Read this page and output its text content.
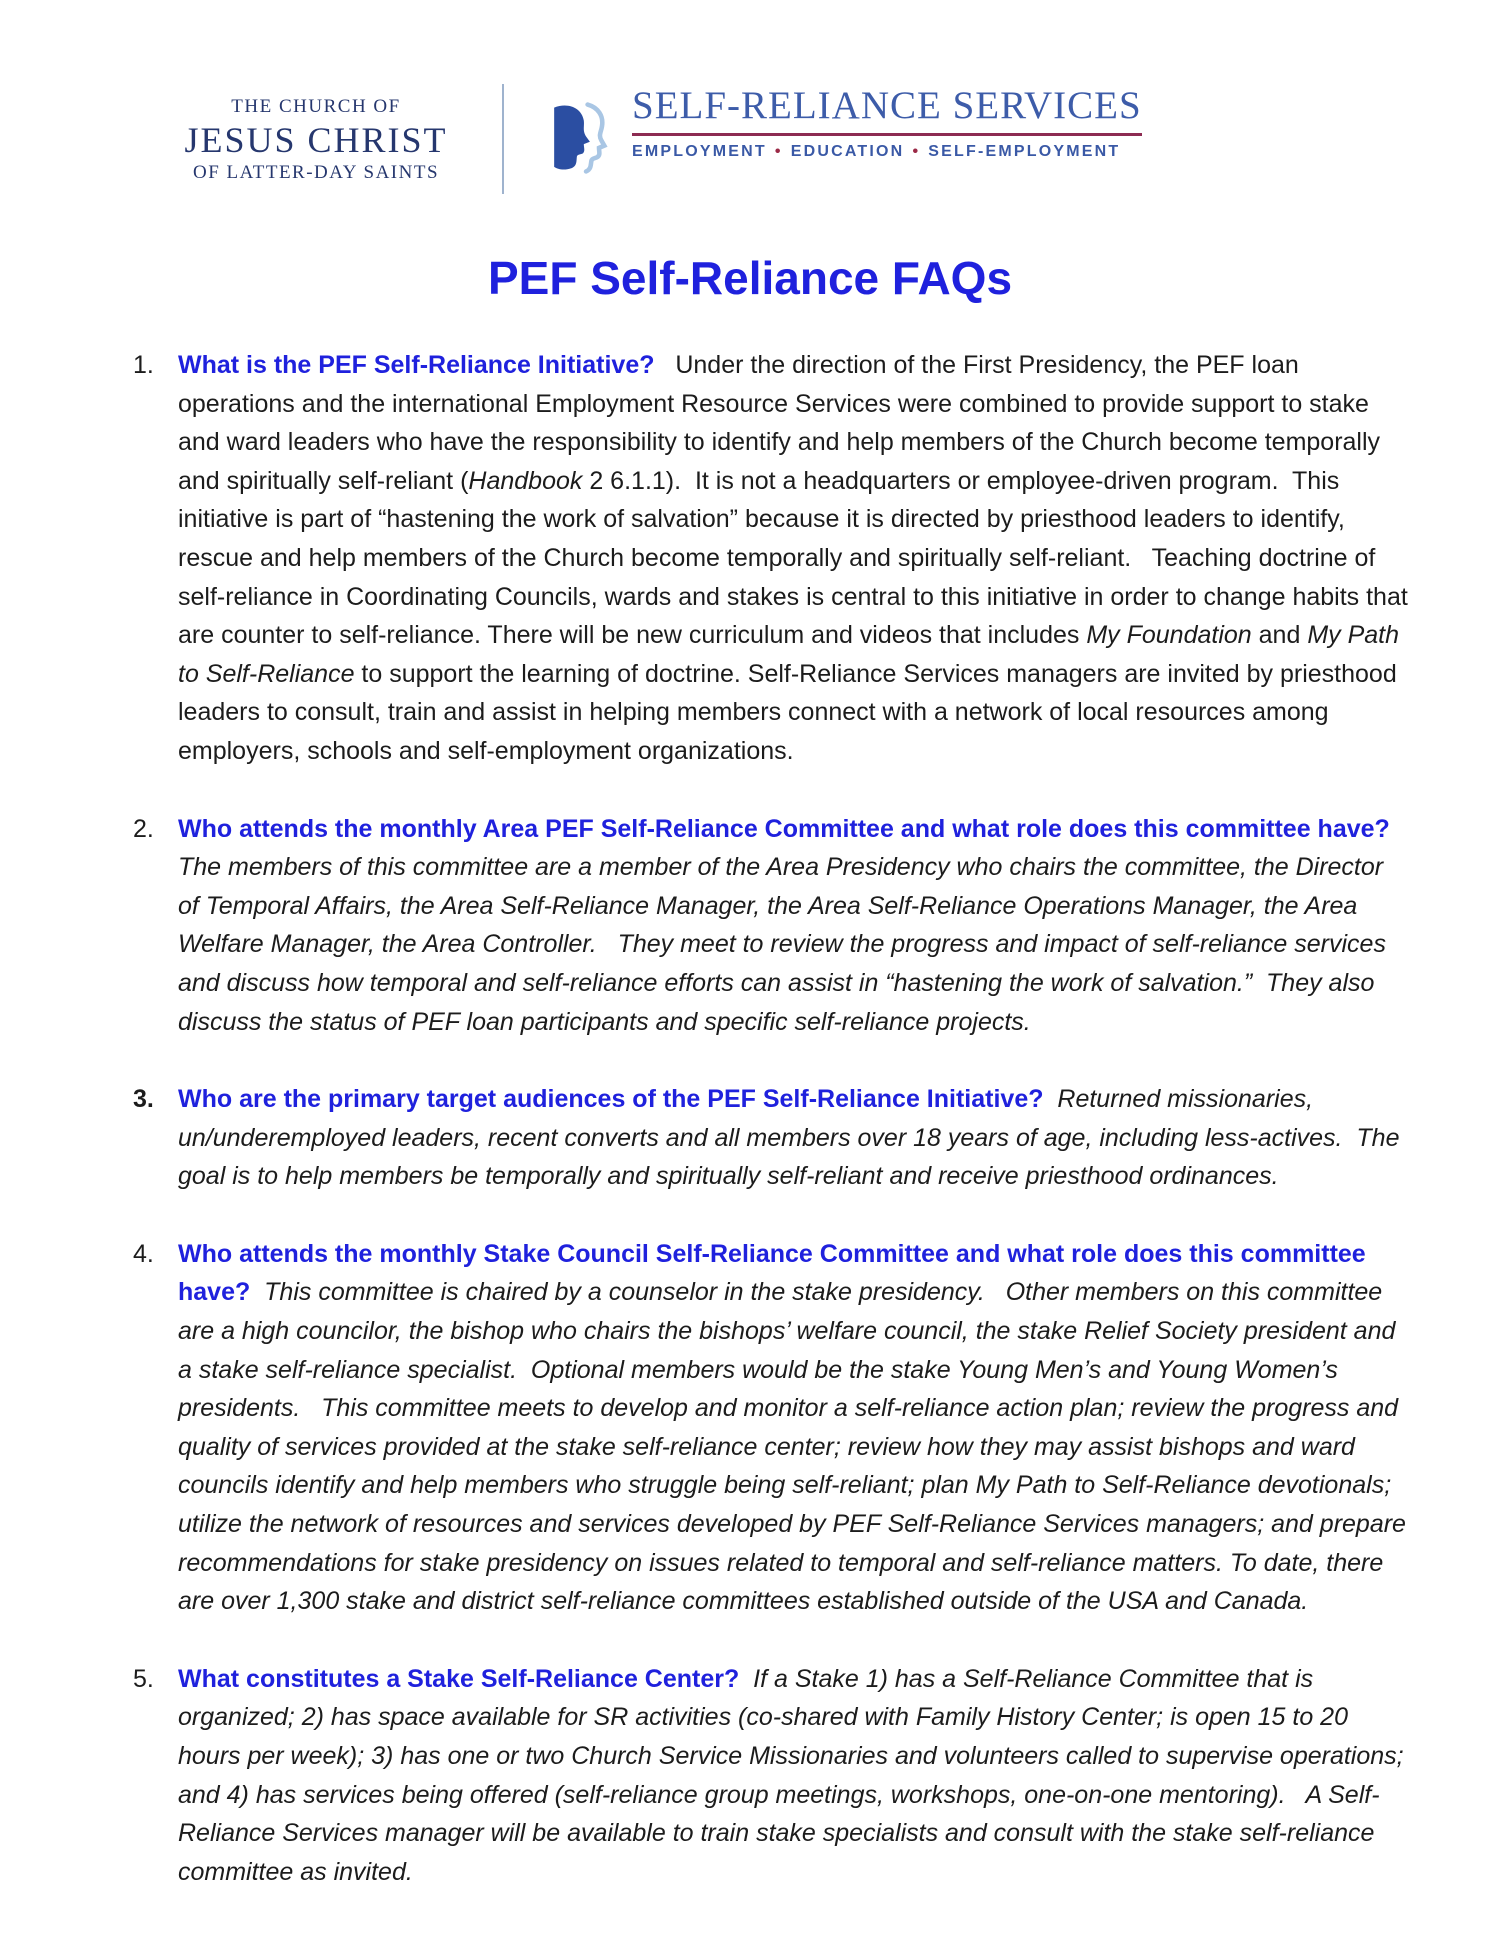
THE CHURCH OF
JESUS CHRIST
OF LATTER-DAY SAINTS
SELF-RELIANCE SERVICES
EMPLOYMENT • EDUCATION • SELF-EMPLOYMENT
PEF Self-Reliance FAQs
1. What is the PEF Self-Reliance Initiative?   Under the direction of the First Presidency, the PEF loan operations and the international Employment Resource Services were combined to provide support to stake and ward leaders who have the responsibility to identify and help members of the Church become temporally and spiritually self-reliant (Handbook 2 6.1.1).  It is not a headquarters or employee-driven program.  This initiative is part of “hastening the work of salvation” because it is directed by priesthood leaders to identify, rescue and help members of the Church become temporally and spiritually self-reliant.   Teaching doctrine of self-reliance in Coordinating Councils, wards and stakes is central to this initiative in order to change habits that are counter to self-reliance. There will be new curriculum and videos that includes My Foundation and My Path to Self-Reliance to support the learning of doctrine. Self-Reliance Services managers are invited by priesthood leaders to consult, train and assist in helping members connect with a network of local resources among employers, schools and self-employment organizations.

2. Who attends the monthly Area PEF Self-Reliance Committee and what role does this committee have?  The members of this committee are a member of the Area Presidency who chairs the committee, the Director of Temporal Affairs, the Area Self-Reliance Manager, the Area Self-Reliance Operations Manager, the Area Welfare Manager, the Area Controller.   They meet to review the progress and impact of self-reliance services and discuss how temporal and self-reliance efforts can assist in “hastening the work of salvation.”  They also discuss the status of PEF loan participants and specific self-reliance projects.

3. Who are the primary target audiences of the PEF Self-Reliance Initiative?  Returned missionaries, un/underemployed leaders, recent converts and all members over 18 years of age, including less-actives.  The goal is to help members be temporally and spiritually self-reliant and receive priesthood ordinances.

4. Who attends the monthly Stake Council Self-Reliance Committee and what role does this committee have?  This committee is chaired by a counselor in the stake presidency.   Other members on this committee are a high councilor, the bishop who chairs the bishops’ welfare council, the stake Relief Society president and a stake self-reliance specialist.  Optional members would be the stake Young Men’s and Young Women’s presidents.   This committee meets to develop and monitor a self-reliance action plan; review the progress and quality of services provided at the stake self-reliance center; review how they may assist bishops and ward councils identify and help members who struggle being self-reliant; plan My Path to Self-Reliance devotionals; utilize the network of resources and services developed by PEF Self-Reliance Services managers; and prepare recommendations for stake presidency on issues related to temporal and self-reliance matters. To date, there are over 1,300 stake and district self-reliance committees established outside of the USA and Canada.

5. What constitutes a Stake Self-Reliance Center?  If a Stake 1) has a Self-Reliance Committee that is organized; 2) has space available for SR activities (co-shared with Family History Center; is open 15 to 20 hours per week); 3) has one or two Church Service Missionaries and volunteers called to supervise operations; and 4) has services being offered (self-reliance group meetings, workshops, one-on-one mentoring).   A Self-Reliance Services manager will be available to train stake specialists and consult with the stake self-reliance committee as invited.
